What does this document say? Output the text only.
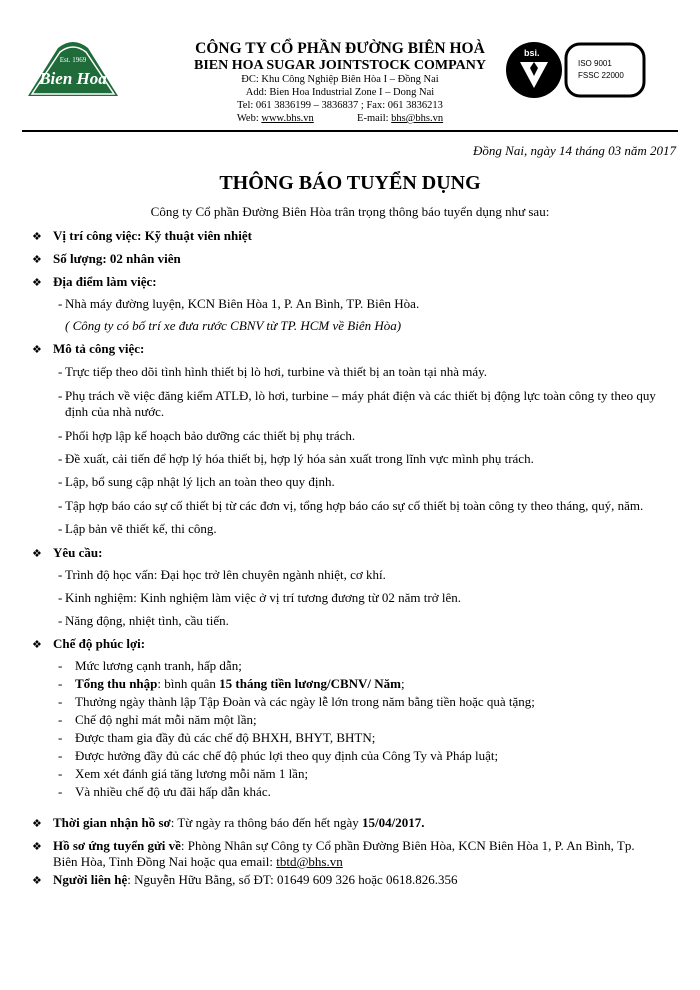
Est. 1969
Bien Hoa
CÔNG TY CỔ PHẦN ĐƯỜNG BIÊN HOÀ
BIEN HOA SUGAR JOINTSTOCK COMPANY
ĐC: Khu Công Nghiệp Biên Hòa I – Đồng Nai
Add: Bien Hoa Industrial Zone I – Dong Nai
Tel: 061 3836199 – 3836837 ; Fax: 061 3836213
Web: www.bhs.vn	E-mail: bhs@bhs.vn
bsi.
ISO 9001
FSSC 22000
Đồng Nai, ngày 14 tháng 03 năm 2017
THÔNG BÁO TUYỂN DỤNG
Công ty Cổ phần Đường Biên Hòa trân trọng thông báo tuyển dụng như sau:
❖ Vị trí công việc: Kỹ thuật viên nhiệt
❖ Số lượng: 02 nhân viên
❖ Địa điểm làm việc:
- Nhà máy đường luyện, KCN Biên Hòa 1, P. An Bình, TP. Biên Hòa.
( Công ty có bố trí xe đưa rước CBNV từ TP. HCM về Biên Hòa)
❖ Mô tả công việc:
- Trực tiếp theo dõi tình hình thiết bị lò hơi, turbine và thiết bị an toàn tại nhà máy.
- Phụ trách về việc đăng kiểm ATLĐ, lò hơi, turbine – máy phát điện và các thiết bị động lực toàn công ty theo quy
định của nhà nước.
- Phối hợp lập kế hoạch bảo dưỡng các thiết bị phụ trách.
- Đề xuất, cải tiến để hợp lý hóa thiết bị, hợp lý hóa sản xuất trong lĩnh vực mình phụ trách.
- Lập, bổ sung cập nhật lý lịch an toàn theo quy định.
- Tập hợp báo cáo sự cố thiết bị từ các đơn vị, tổng hợp báo cáo sự cố thiết bị toàn công ty theo tháng, quý, năm.
- Lập bản vẽ thiết kế, thi công.
❖ Yêu cầu:
- Trình độ học vấn: Đại học trở lên chuyên ngành nhiệt, cơ khí.
- Kinh nghiệm: Kinh nghiệm làm việc ở vị trí tương đương từ 02 năm trở lên.
- Năng động, nhiệt tình, cầu tiến.
❖ Chế độ phúc lợi:
- Mức lương cạnh tranh, hấp dẫn;
- Tổng thu nhập: bình quân 15 tháng tiền lương/CBNV/ Năm;
- Thưởng ngày thành lập Tập Đoàn và các ngày lễ lớn trong năm bằng tiền hoặc quà tặng;
- Chế độ nghỉ mát mỗi năm một lần;
- Được tham gia đầy đủ các chế độ BHXH, BHYT, BHTN;
- Được hưởng đầy đủ các chế độ phúc lợi theo quy định của Công Ty và Pháp luật;
- Xem xét đánh giá tăng lương mỗi năm 1 lần;
- Và nhiều chế độ ưu đãi hấp dẫn khác.
❖ Thời gian nhận hồ sơ: Từ ngày ra thông báo đến hết ngày 15/04/2017.
❖ Hồ sơ ứng tuyển gửi về: Phòng Nhân sự Công ty Cổ phần Đường Biên Hòa, KCN Biên Hòa 1, P. An Bình, Tp.
Biên Hòa, Tỉnh Đồng Nai hoặc qua email: tbtd@bhs.vn
❖ Người liên hệ: Nguyễn Hữu Bằng, số ĐT: 01649 609 326 hoặc 0618.826.356
